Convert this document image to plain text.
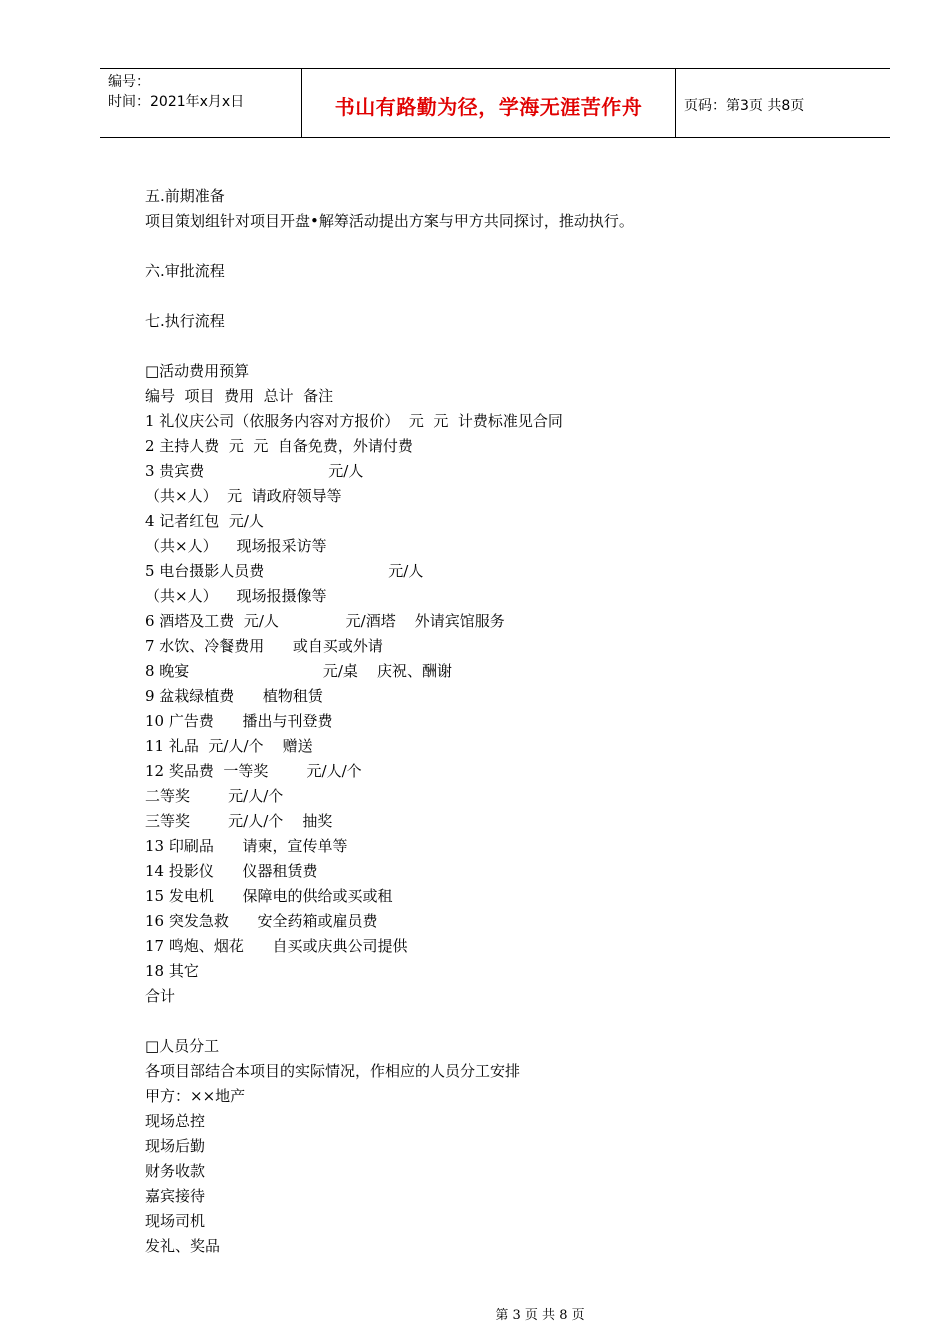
编号：
时间：2021年x月x日	书山有路勤为径，学海无涯苦作舟	页码：第3页 共8页
五.前期准备
项目策划组针对项目开盘•解筹活动提出方案与甲方共同探讨，推动执行。
六.审批流程
七.执行流程
□活动费用预算
编号  项目  费用  总计  备注
1 礼仪庆公司（依服务内容对方报价）  元  元  计费标准见合同
2 主持人费  元  元  自备免费，外请付费
3 贵宾费                          元/人
（共×人）  元  请政府领导等
4 记者红包  元/人
（共×人）    现场报采访等
5 电台摄影人员费                          元/人
（共×人）    现场报摄像等
6 酒塔及工费  元/人              元/酒塔    外请宾馆服务
7 水饮、冷餐费用      或自买或外请
8 晚宴                            元/桌    庆祝、酬谢
9 盆栽绿植费      植物租赁
10 广告费      播出与刊登费
11 礼品  元/人/个    赠送
12 奖品费  一等奖        元/人/个
二等奖        元/人/个
三等奖        元/人/个    抽奖
13 印刷品      请柬，宣传单等
14 投影仪      仪器租赁费
15 发电机      保障电的供给或买或租
16 突发急救      安全药箱或雇员费
17 鸣炮、烟花      自买或庆典公司提供
18 其它
合计
□人员分工
各项目部结合本项目的实际情况，作相应的人员分工安排
甲方：××地产
现场总控
现场后勤
财务收款
嘉宾接待
现场司机
发礼、奖品
第 3 页 共 8 页
